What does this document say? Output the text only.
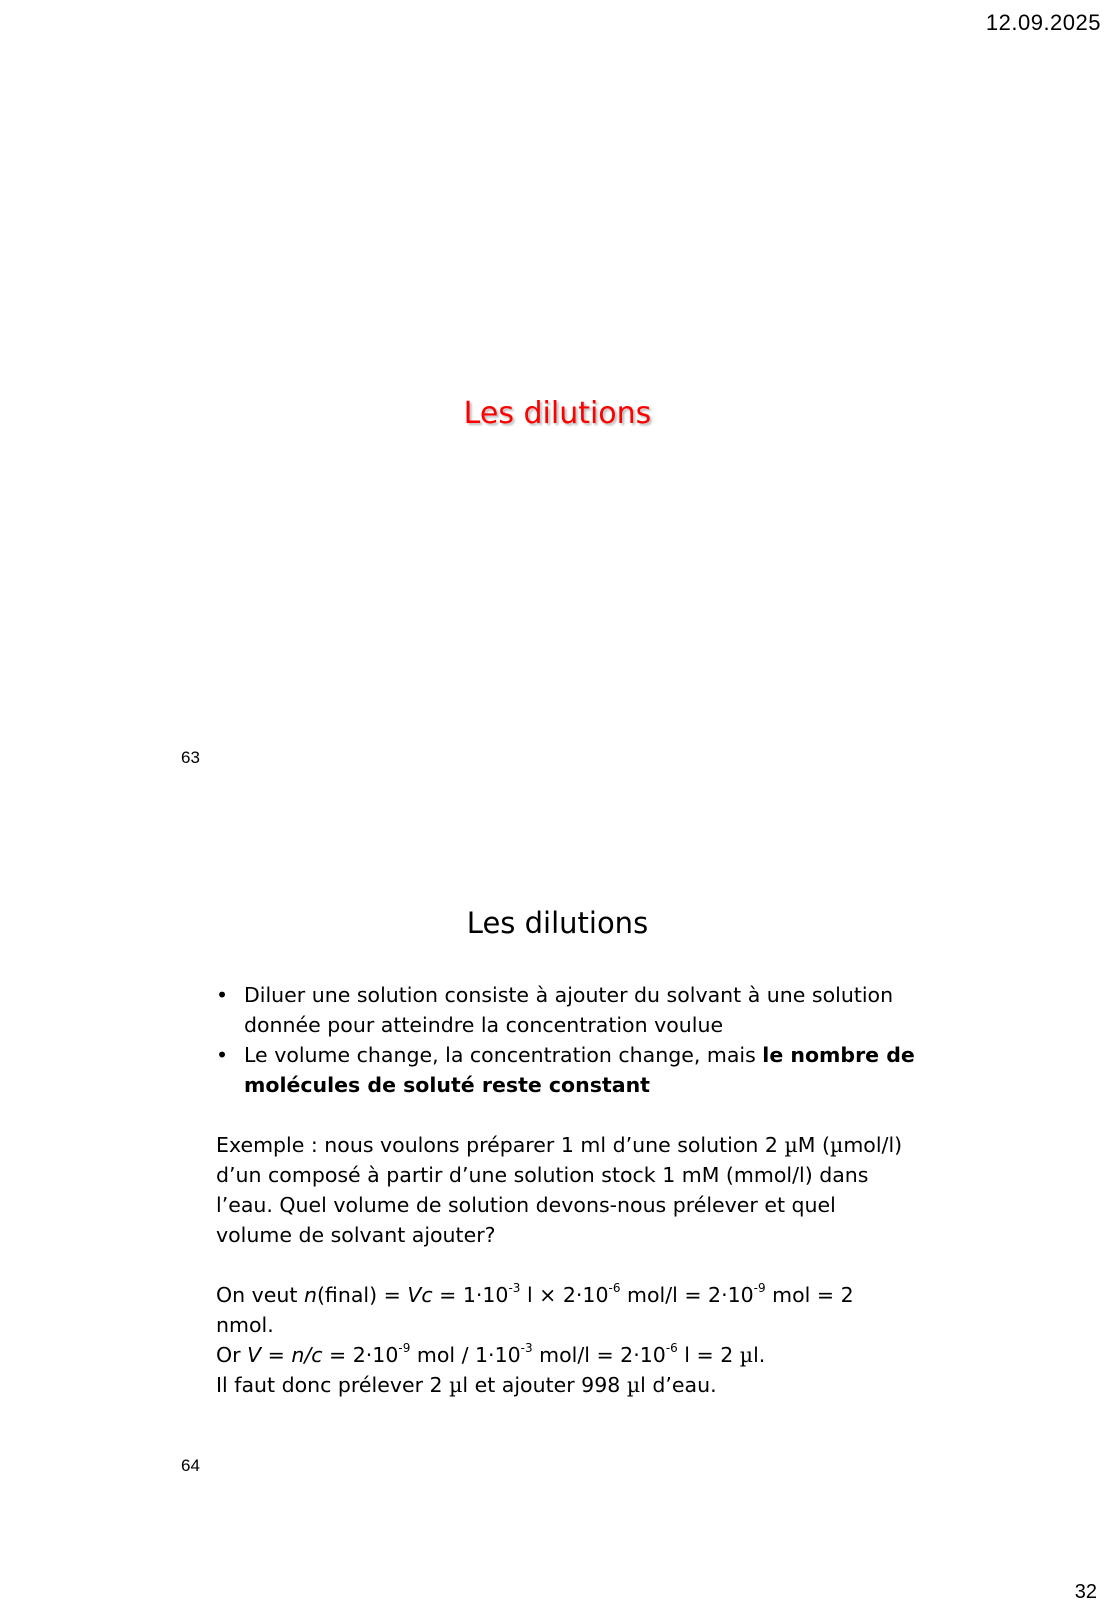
12.09.2025
Les dilutions
63
Les dilutions
• Diluer une solution consiste à ajouter du solvant à une solution
donnée pour atteindre la concentration voulue
• Le volume change, la concentration change, mais le nombre de
molécules de soluté reste constant

Exemple : nous voulons préparer 1 ml d’une solution 2 µM (µmol/l)
d’un composé à partir d’une solution stock 1 mM (mmol/l) dans
l’eau. Quel volume de solution devons-nous prélever et quel
volume de solvant ajouter?

On veut n(final) = $Vc = 1\cdot 10^{-3}$ $l \times 2\cdot 10^{-6}$ $mol/l = 2\cdot 10^{-9}$ mol = 2 nmol.
Or $V = n/c = 2\cdot 10^{-9}$ mol / $1\cdot 10^{-3}$ $mol/l = 2\cdot 10^{-6}$ l = 2 µl.
Il faut donc prélever 2 µl et ajouter 998 µl d’eau.

64
32
